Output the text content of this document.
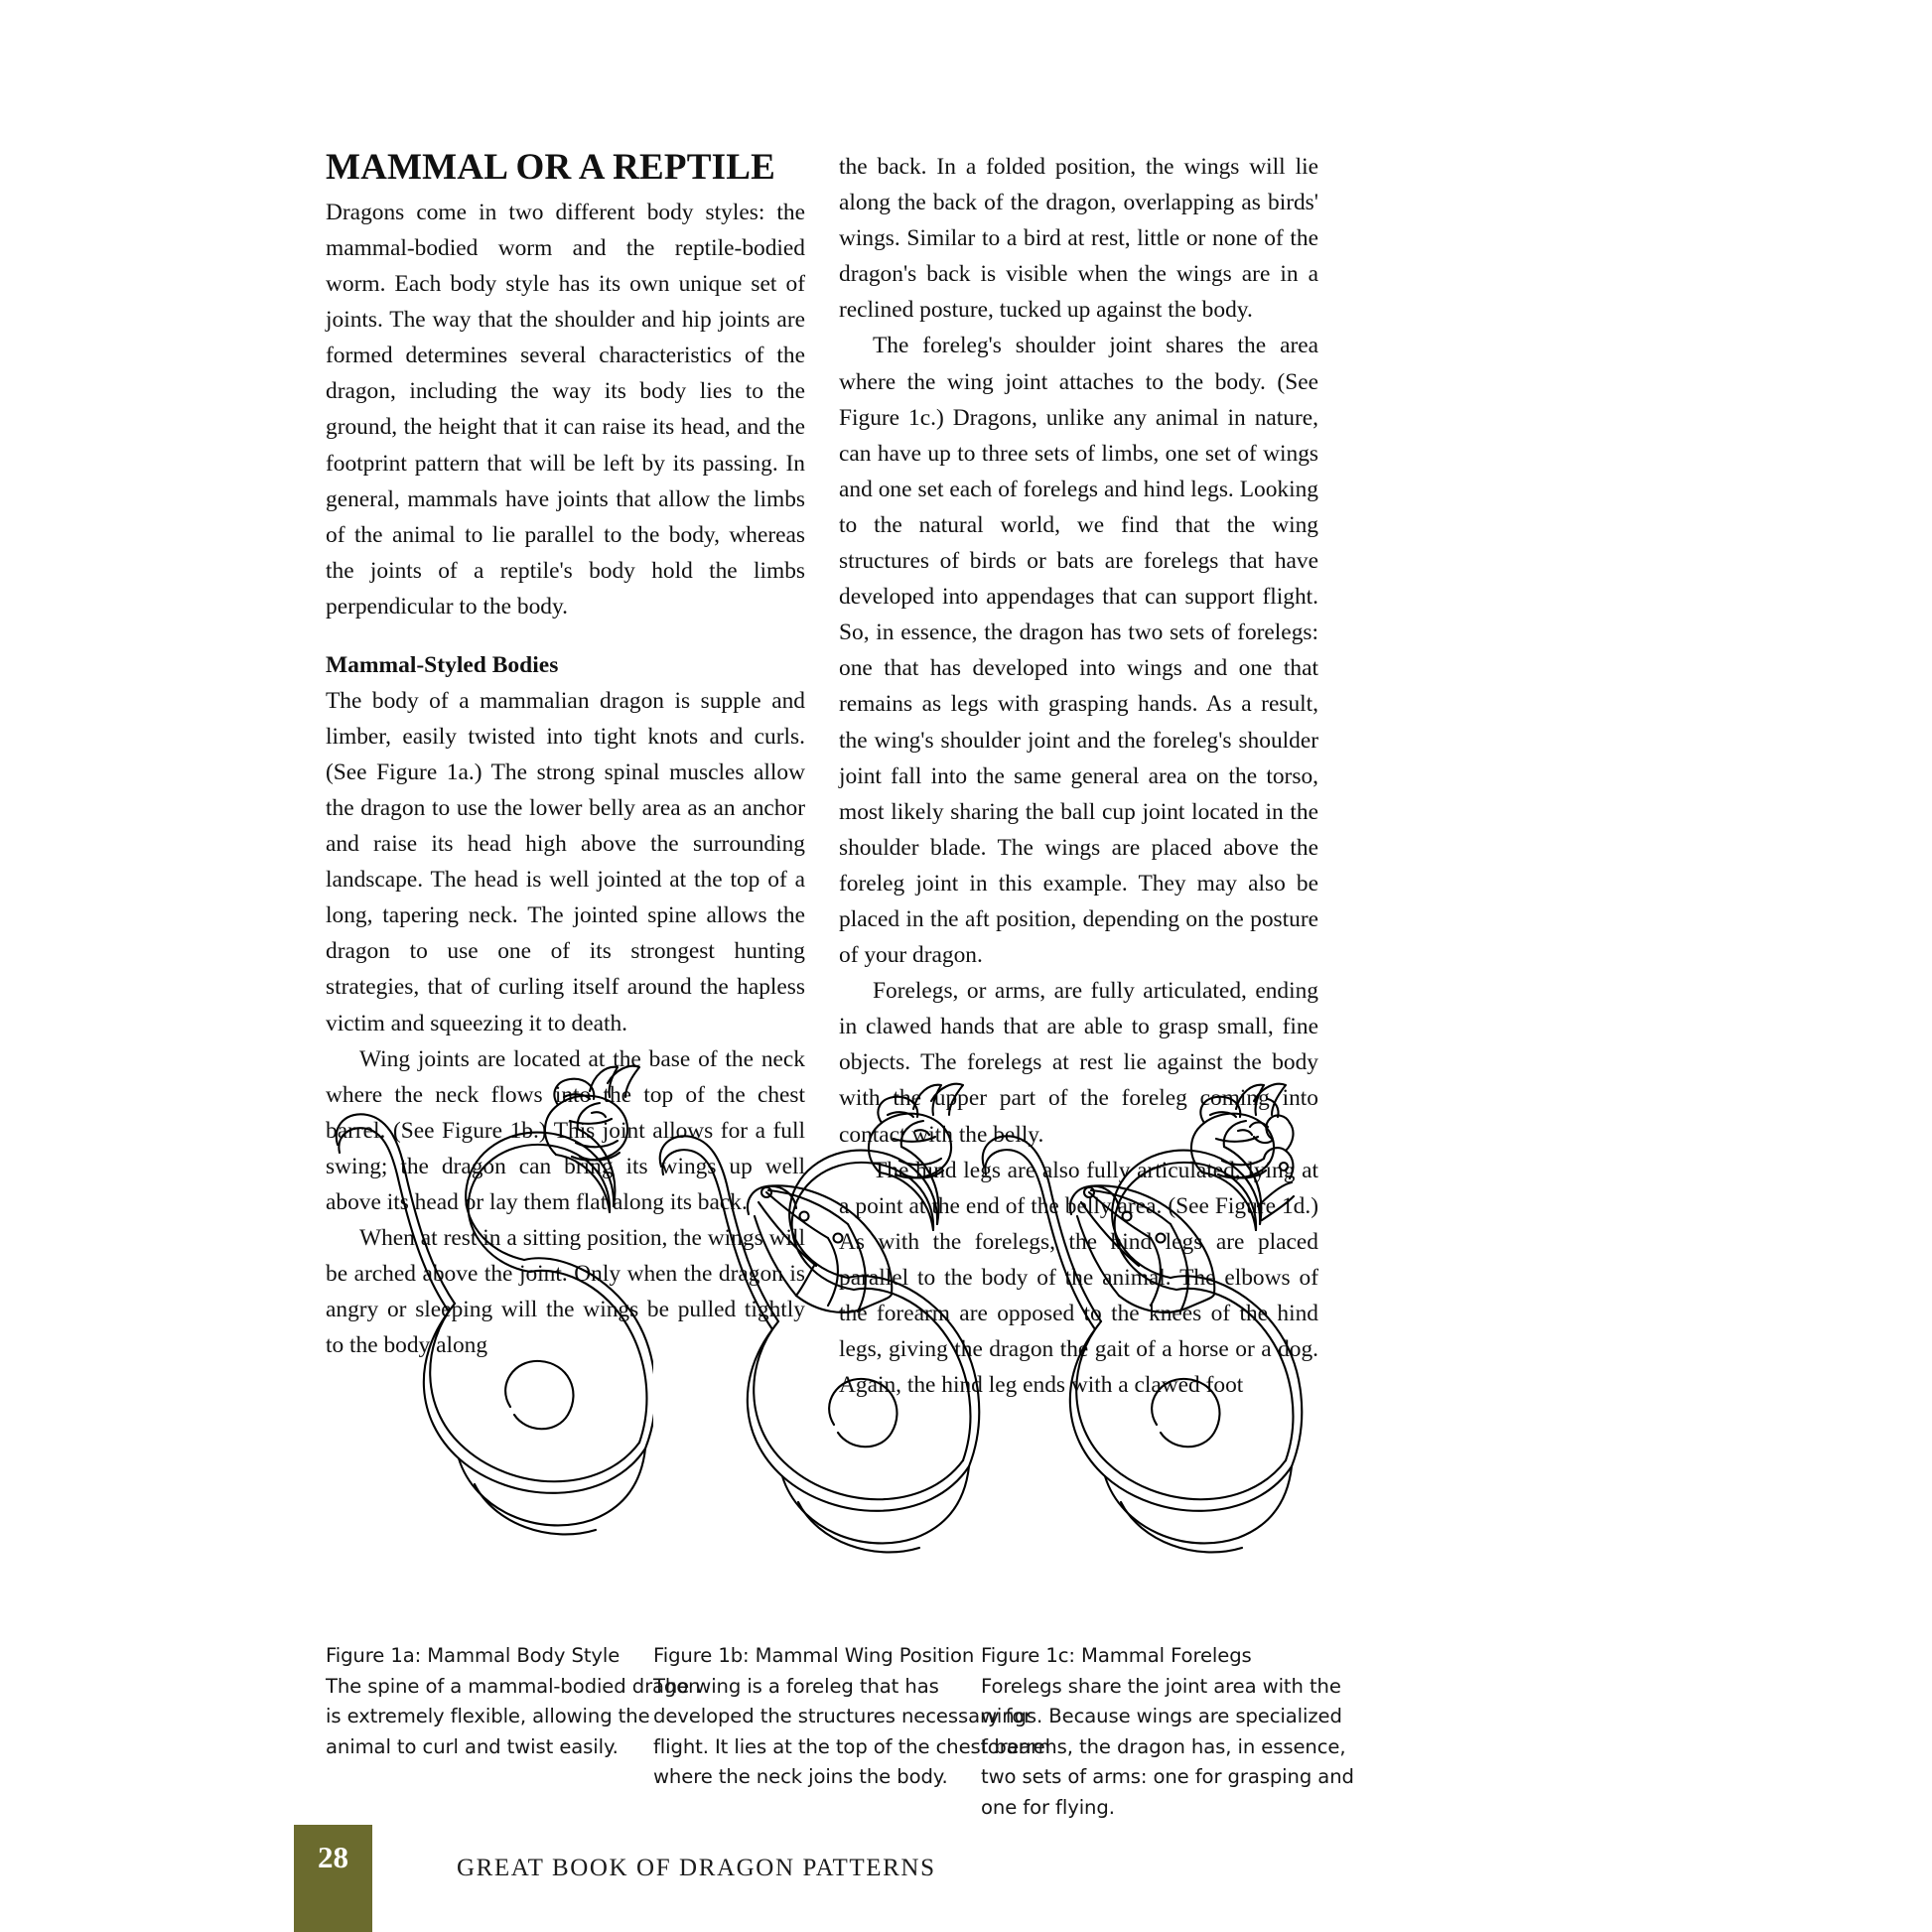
MAMMAL OR A REPTILE

Dragons come in two different body styles: the mammal-bodied worm and the reptile-bodied worm. Each body style has its own unique set of joints. The way that the shoulder and hip joints are formed determines several characteristics of the dragon, including the way its body lies to the ground, the height that it can raise its head, and the footprint pattern that will be left by its passing. In general, mammals have joints that allow the limbs of the animal to lie parallel to the body, whereas the joints of a reptile's body hold the limbs perpendicular to the body.

Mammal-Styled Bodies

The body of a mammalian dragon is supple and limber, easily twisted into tight knots and curls. (See Figure 1a.) The strong spinal muscles allow the dragon to use the lower belly area as an anchor and raise its head high above the surrounding landscape. The head is well jointed at the top of a long, tapering neck. The jointed spine allows the dragon to use one of its strongest hunting strategies, that of curling itself around the hapless victim and squeezing it to death.

Wing joints are located at the base of the neck where the neck flows into the top of the chest barrel. (See Figure 1b.) This joint allows for a full swing; the dragon can bring its wings up well above its head or lay them flat along its back.

When at rest in a sitting position, the wings will be arched above the joint. Only when the dragon is angry or sleeping will the wings be pulled tightly to the body along

the back. In a folded position, the wings will lie along the back of the dragon, overlapping as birds' wings. Similar to a bird at rest, little or none of the dragon's back is visible when the wings are in a reclined posture, tucked up against the body.

The foreleg's shoulder joint shares the area where the wing joint attaches to the body. (See Figure 1c.) Dragons, unlike any animal in nature, can have up to three sets of limbs, one set of wings and one set each of forelegs and hind legs. Looking to the natural world, we find that the wing structures of birds or bats are forelegs that have developed into appendages that can support flight. So, in essence, the dragon has two sets of forelegs: one that has developed into wings and one that remains as legs with grasping hands. As a result, the wing's shoulder joint and the foreleg's shoulder joint fall into the same general area on the torso, most likely sharing the ball cup joint located in the shoulder blade. The wings are placed above the foreleg joint in this example. They may also be placed in the aft position, depending on the posture of your dragon.

Forelegs, or arms, are fully articulated, ending in clawed hands that are able to grasp small, fine objects. The forelegs at rest lie against the body with the upper part of the foreleg coming into contact with the belly.

The hind legs are also fully articulated, lying at a point at the end of the belly area. (See Figure 1d.) As with the forelegs, the hind legs are placed parallel to the body of the animal. The elbows of the forearm are opposed to the knees of the hind legs, giving the dragon the gait of a horse or a dog. Again, the hind leg ends with a clawed foot

Figure 1a: Mammal Body Style
The spine of a mammal-bodied dragon
is extremely flexible, allowing the
animal to curl and twist easily.
Figure 1b: Mammal Wing Position
The wing is a foreleg that has
developed the structures necessary for
flight. It lies at the top of the chest barrel
where the neck joins the body.
Figure 1c: Mammal Forelegs
Forelegs share the joint area with the
wings. Because wings are specialized
forearms, the dragon has, in essence,
two sets of arms: one for grasping and
one for flying.
28	GREAT BOOK OF DRAGON PATTERNS
